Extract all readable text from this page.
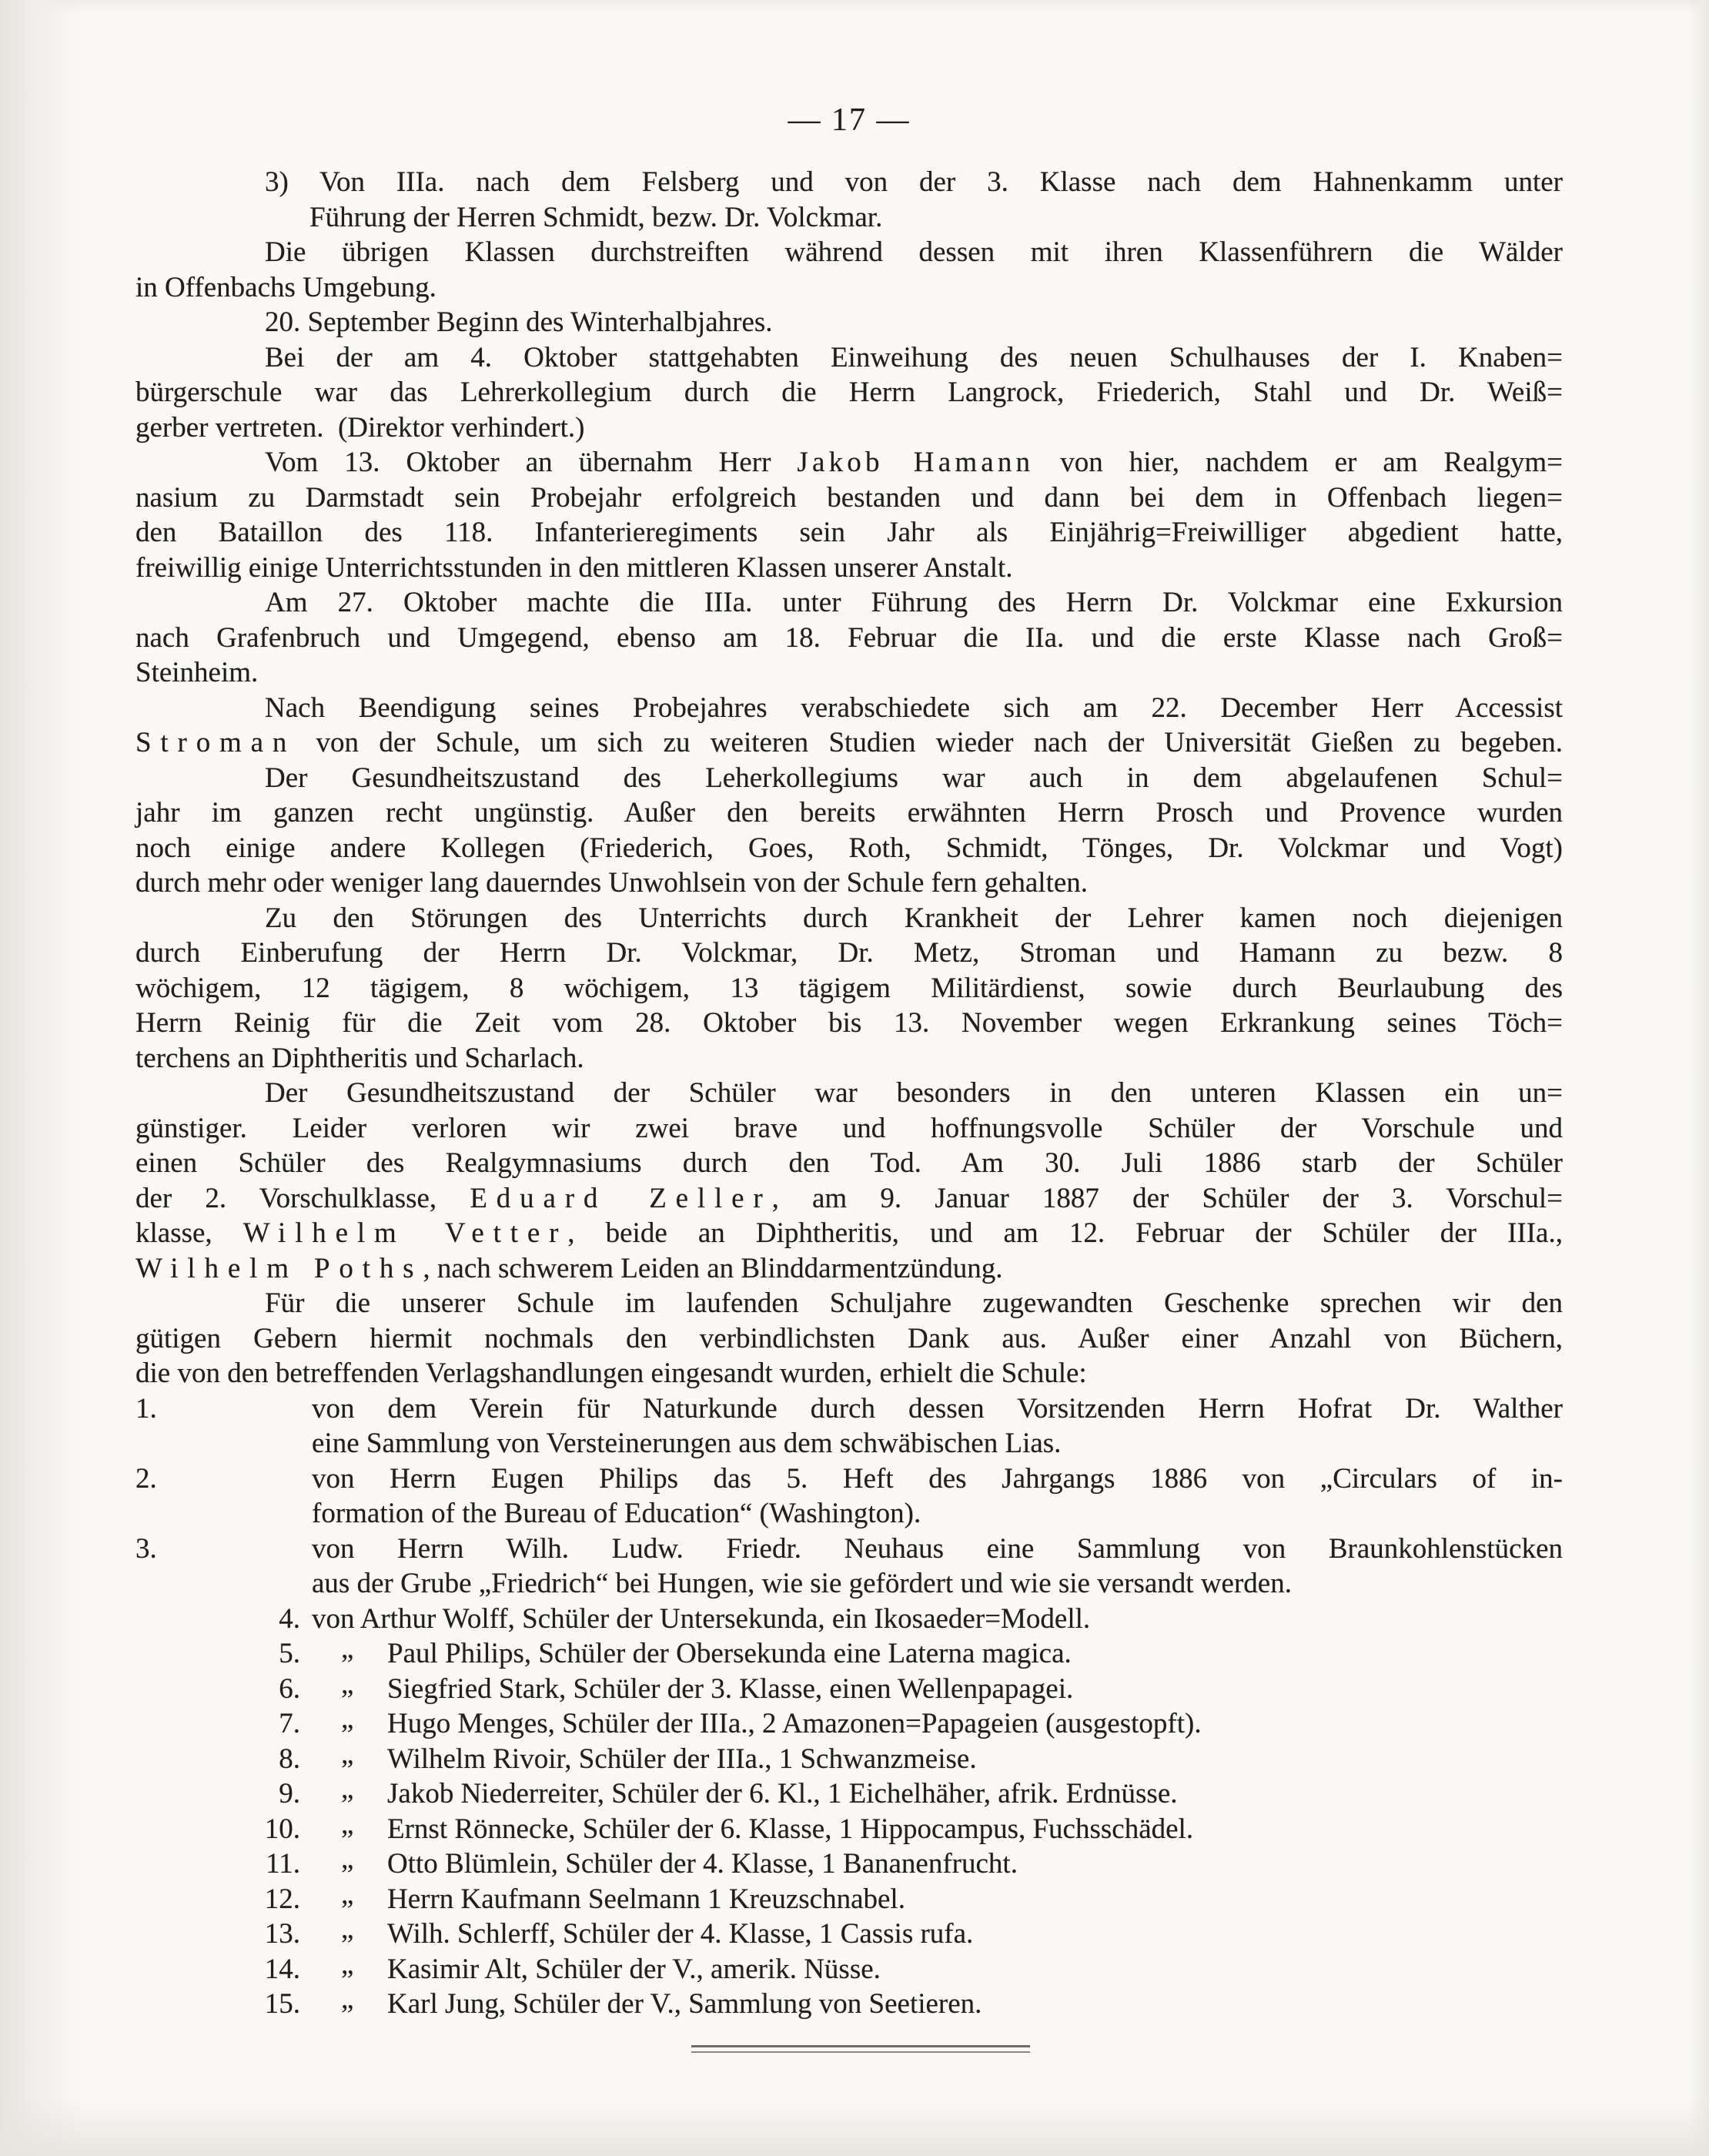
— 17 —
3) Von IIIa. nach dem Felsberg und von der 3. Klasse nach dem Hahnenkamm unter
Führung der Herren Schmidt, bezw. Dr. Volckmar.
Die übrigen Klassen durchstreiften während dessen mit ihren Klassenführern die Wälder
in Offenbachs Umgebung.
20. September Beginn des Winterhalbjahres.
Bei der am 4. Oktober stattgehabten Einweihung des neuen Schulhauses der I. Knaben=
bürgerschule war das Lehrerkollegium durch die Herrn Langrock, Friederich, Stahl und Dr. Weiß=
gerber vertreten.  (Direktor verhindert.)
Vom 13. Oktober an übernahm Herr Jakob Hamann von hier, nachdem er am Realgym=
nasium zu Darmstadt sein Probejahr erfolgreich bestanden und dann bei dem in Offenbach liegen=
den Bataillon des 118. Infanterieregiments sein Jahr als Einjährig=Freiwilliger abgedient hatte,
freiwillig einige Unterrichtsstunden in den mittleren Klassen unserer Anstalt.
Am 27. Oktober machte die IIIa. unter Führung des Herrn Dr. Volckmar eine Exkursion
nach Grafenbruch und Umgegend, ebenso am 18. Februar die IIa. und die erste Klasse nach Groß=
Steinheim.
Nach Beendigung seines Probejahres verabschiedete sich am 22. December Herr Accessist
Stroman von der Schule, um sich zu weiteren Studien wieder nach der Universität Gießen zu begeben.
Der Gesundheitszustand des Leherkollegiums war auch in dem abgelaufenen Schul=
jahr im ganzen recht ungünstig. Außer den bereits erwähnten Herrn Prosch und Provence wurden
noch einige andere Kollegen (Friederich, Goes, Roth, Schmidt, Tönges, Dr. Volckmar und Vogt)
durch mehr oder weniger lang dauerndes Unwohlsein von der Schule fern gehalten.
Zu den Störungen des Unterrichts durch Krankheit der Lehrer kamen noch diejenigen
durch Einberufung der Herrn Dr. Volckmar, Dr. Metz, Stroman und Hamann zu bezw. 8
wöchigem, 12 tägigem, 8 wöchigem, 13 tägigem Militärdienst, sowie durch Beurlaubung des
Herrn Reinig für die Zeit vom 28. Oktober bis 13. November wegen Erkrankung seines Töch=
terchens an Diphtheritis und Scharlach.
Der Gesundheitszustand der Schüler war besonders in den unteren Klassen ein un=
günstiger. Leider verloren wir zwei brave und hoffnungsvolle Schüler der Vorschule und
einen Schüler des Realgymnasiums durch den Tod. Am 30. Juli 1886 starb der Schüler
der 2. Vorschulklasse, Eduard Zeller, am 9. Januar 1887 der Schüler der 3. Vorschul=
klasse, Wilhelm Vetter, beide an Diphtheritis, und am 12. Februar der Schüler der IIIa.,
Wilhelm Poths, nach schwerem Leiden an Blinddarmentzündung.
Für die unserer Schule im laufenden Schuljahre zugewandten Geschenke sprechen wir den
gütigen Gebern hiermit nochmals den verbindlichsten Dank aus. Außer einer Anzahl von Büchern,
die von den betreffenden Verlagshandlungen eingesandt wurden, erhielt die Schule:
1.	von dem Verein für Naturkunde durch dessen Vorsitzenden Herrn Hofrat Dr. Walther
eine Sammlung von Versteinerungen aus dem schwäbischen Lias.
2.	von Herrn Eugen Philips das 5. Heft des Jahrgangs 1886 von „Circulars of in-
formation of the Bureau of Education“ (Washington).
3.	von Herrn Wilh. Ludw. Friedr. Neuhaus eine Sammlung von Braunkohlenstücken
aus der Grube „Friedrich“ bei Hungen, wie sie gefördert und wie sie versandt werden.
4. von Arthur Wolff, Schüler der Untersekunda, ein Ikosaeder=Modell.
5. „ Paul Philips, Schüler der Obersekunda eine Laterna magica.
6. „ Siegfried Stark, Schüler der 3. Klasse, einen Wellenpapagei.
7. „ Hugo Menges, Schüler der IIIa., 2 Amazonen=Papageien (ausgestopft).
8. „ Wilhelm Rivoir, Schüler der IIIa., 1 Schwanzmeise.
9. „ Jakob Niederreiter, Schüler der 6. Kl., 1 Eichelhäher, afrik. Erdnüsse.
10. „ Ernst Rönnecke, Schüler der 6. Klasse, 1 Hippocampus, Fuchsschädel.
11. „ Otto Blümlein, Schüler der 4. Klasse, 1 Bananenfrucht.
12. „ Herrn Kaufmann Seelmann 1 Kreuzschnabel.
13. „ Wilh. Schlerff, Schüler der 4. Klasse, 1 Cassis rufa.
14. „ Kasimir Alt, Schüler der V., amerik. Nüsse.
15. „ Karl Jung, Schüler der V., Sammlung von Seetieren.
